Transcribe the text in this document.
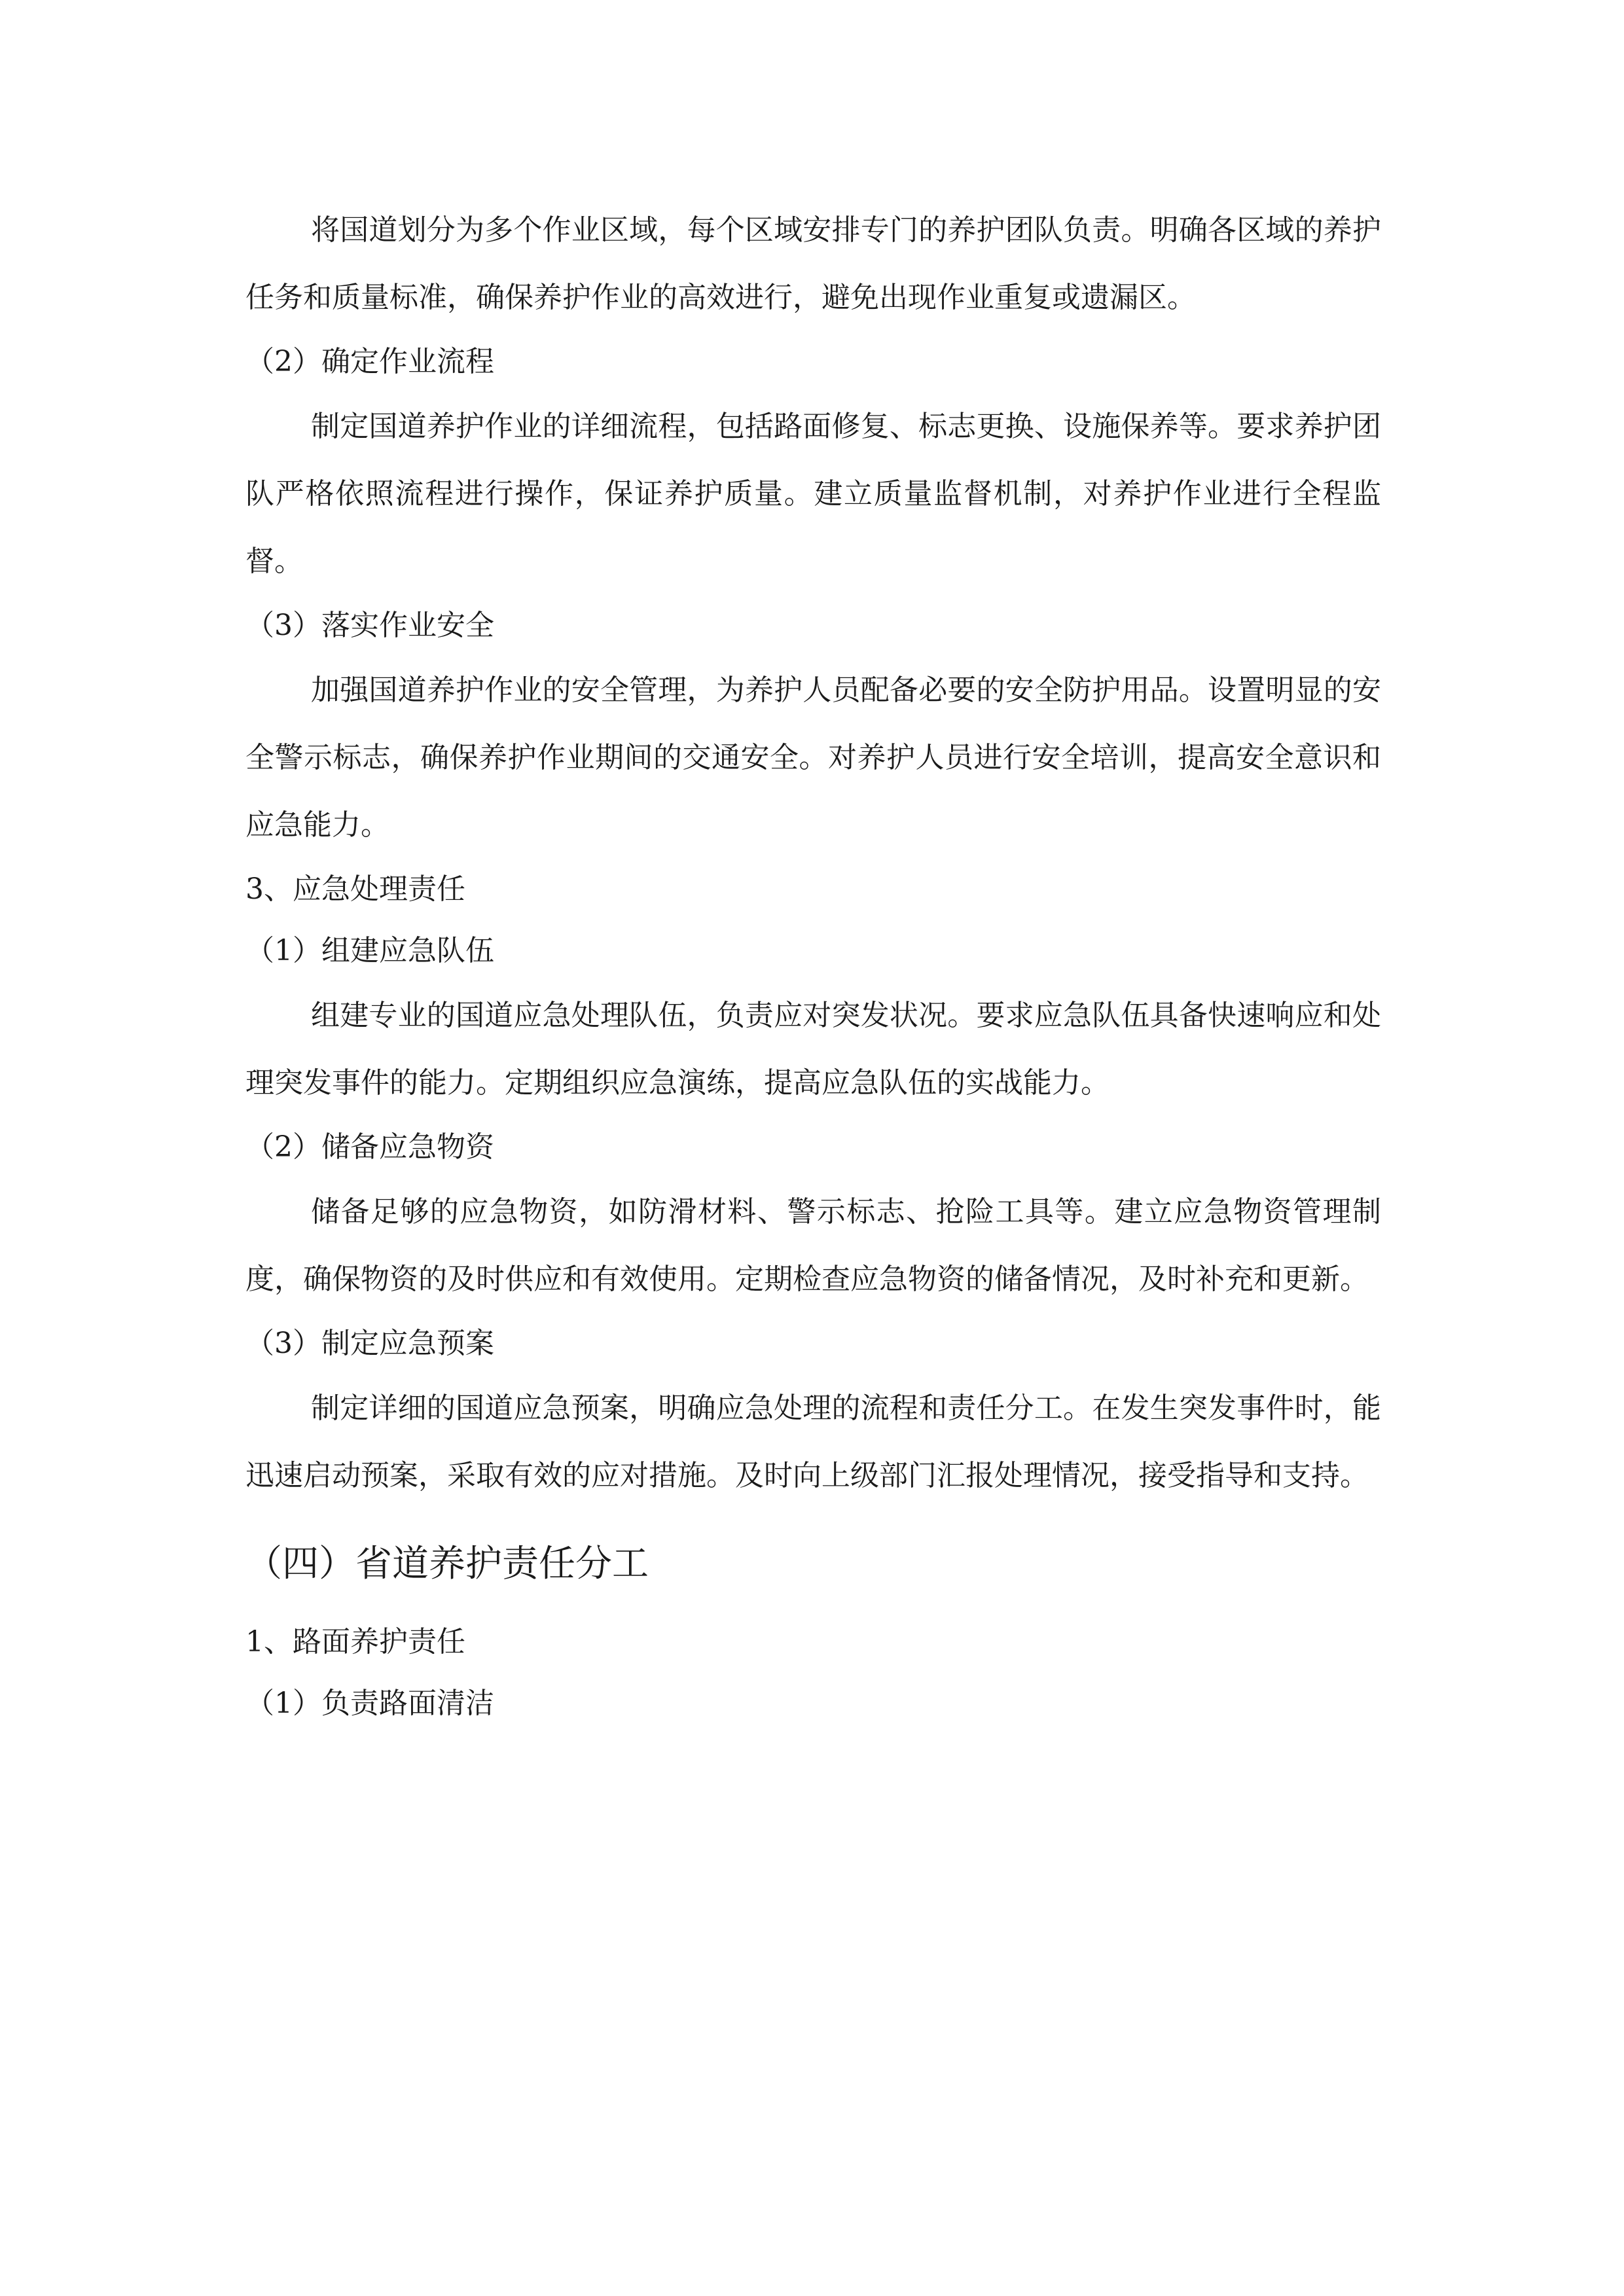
将国道划分为多个作业区域，每个区域安排专门的养护团队负责。明确各区域的养护任务和质量标准，确保养护作业的高效进行，避免出现作业重复或遗漏区。

（2）确定作业流程

制定国道养护作业的详细流程，包括路面修复、标志更换、设施保养等。要求养护团队严格依照流程进行操作，保证养护质量。建立质量监督机制，对养护作业进行全程监督。

（3）落实作业安全

加强国道养护作业的安全管理，为养护人员配备必要的安全防护用品。设置明显的安全警示标志，确保养护作业期间的交通安全。对养护人员进行安全培训，提高安全意识和应急能力。

3、应急处理责任

（1）组建应急队伍

组建专业的国道应急处理队伍，负责应对突发状况。要求应急队伍具备快速响应和处理突发事件的能力。定期组织应急演练，提高应急队伍的实战能力。

（2）储备应急物资

储备足够的应急物资，如防滑材料、警示标志、抢险工具等。建立应急物资管理制度，确保物资的及时供应和有效使用。定期检查应急物资的储备情况，及时补充和更新。

（3）制定应急预案

制定详细的国道应急预案，明确应急处理的流程和责任分工。在发生突发事件时，能迅速启动预案，采取有效的应对措施。及时向上级部门汇报处理情况，接受指导和支持。

（四）省道养护责任分工

1、路面养护责任

（1）负责路面清洁
